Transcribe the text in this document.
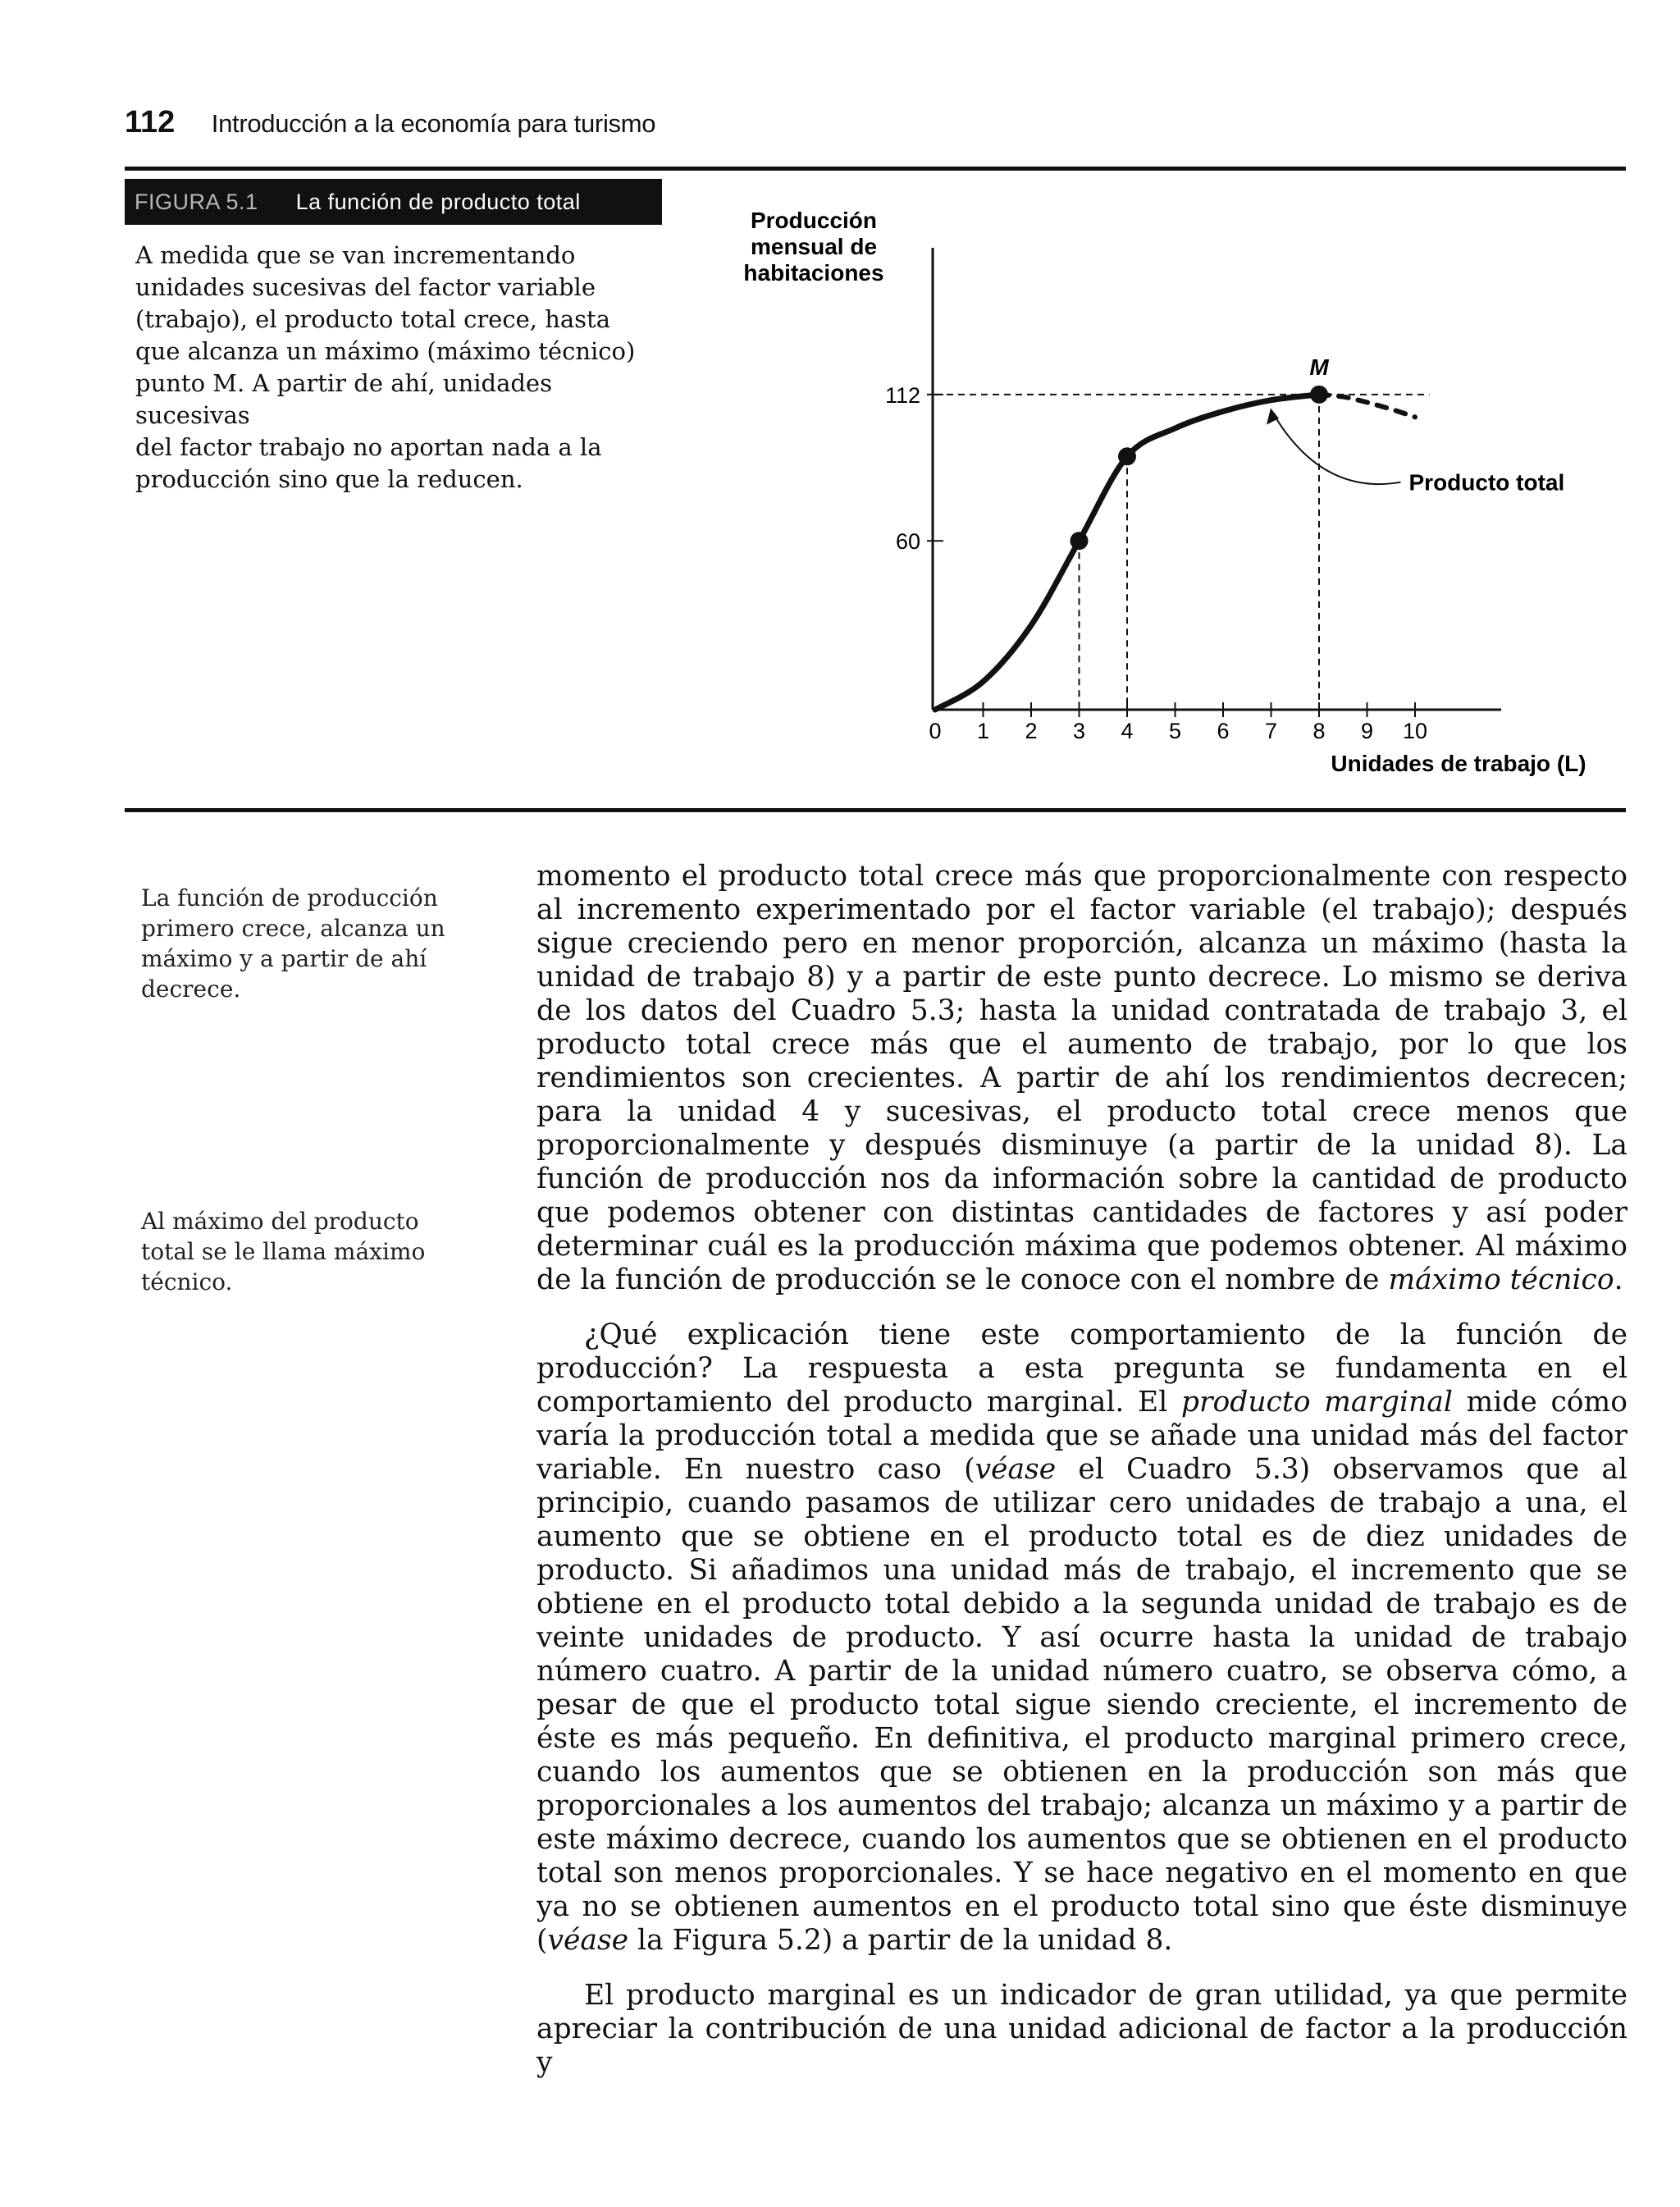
112 Introducción a la economía para turismo
FIGURA 5.1 La función de producto total
A medida que se van incrementando
unidades sucesivas del factor variable
(trabajo), el producto total crece, hasta
que alcanza un máximo (máximo técnico)
punto M. A partir de ahí, unidades sucesivas
del factor trabajo no aportan nada a la
producción sino que la reducen.
Producción
mensual de
habitaciones
0 1 2 3 4 5 6 7 8 9 10
60
112
M
Producto total
Unidades de trabajo (L)
La función de producción
primero crece, alcanza un
máximo y a partir de ahí
decrece.
Al máximo del producto
total se le llama máximo
técnico.

momento el producto total crece más que proporcionalmente con respecto al incremento experimentado por el factor variable (el trabajo); después sigue creciendo pero en menor proporción, alcanza un máximo (hasta la unidad de trabajo 8) y a partir de este punto decrece. Lo mismo se deriva de los datos del Cuadro 5.3; hasta la unidad contratada de trabajo 3, el producto total crece más que el aumento de trabajo, por lo que los rendimientos son crecientes. A partir de ahí los rendimientos decrecen; para la unidad 4 y sucesivas, el producto total crece menos que proporcionalmente y después disminuye (a partir de la unidad 8). La función de producción nos da información sobre la cantidad de producto que podemos obtener con distintas cantidades de factores y así poder determinar cuál es la producción máxima que podemos obtener. Al máximo de la función de producción se le conoce con el nombre de máximo técnico.

¿Qué explicación tiene este comportamiento de la función de producción? La respuesta a esta pregunta se fundamenta en el comportamiento del producto marginal. El producto marginal mide cómo varía la producción total a medida que se añade una unidad más del factor variable. En nuestro caso (véase el Cuadro 5.3) observamos que al principio, cuando pasamos de utilizar cero unidades de trabajo a una, el aumento que se obtiene en el producto total es de diez unidades de producto. Si añadimos una unidad más de trabajo, el incremento que se obtiene en el producto total debido a la segunda unidad de trabajo es de veinte unidades de producto. Y así ocurre hasta la unidad de trabajo número cuatro. A partir de la unidad número cuatro, se observa cómo, a pesar de que el producto total sigue siendo creciente, el incremento de éste es más pequeño. En definitiva, el producto marginal primero crece, cuando los aumentos que se obtienen en la producción son más que proporcionales a los aumentos del trabajo; alcanza un máximo y a partir de este máximo decrece, cuando los aumentos que se obtienen en el producto total son menos proporcionales. Y se hace negativo en el momento en que ya no se obtienen aumentos en el producto total sino que éste disminuye (véase la Figura 5.2) a partir de la unidad 8.

El producto marginal es un indicador de gran utilidad, ya que permite apreciar la contribución de una unidad adicional de factor a la producción y
